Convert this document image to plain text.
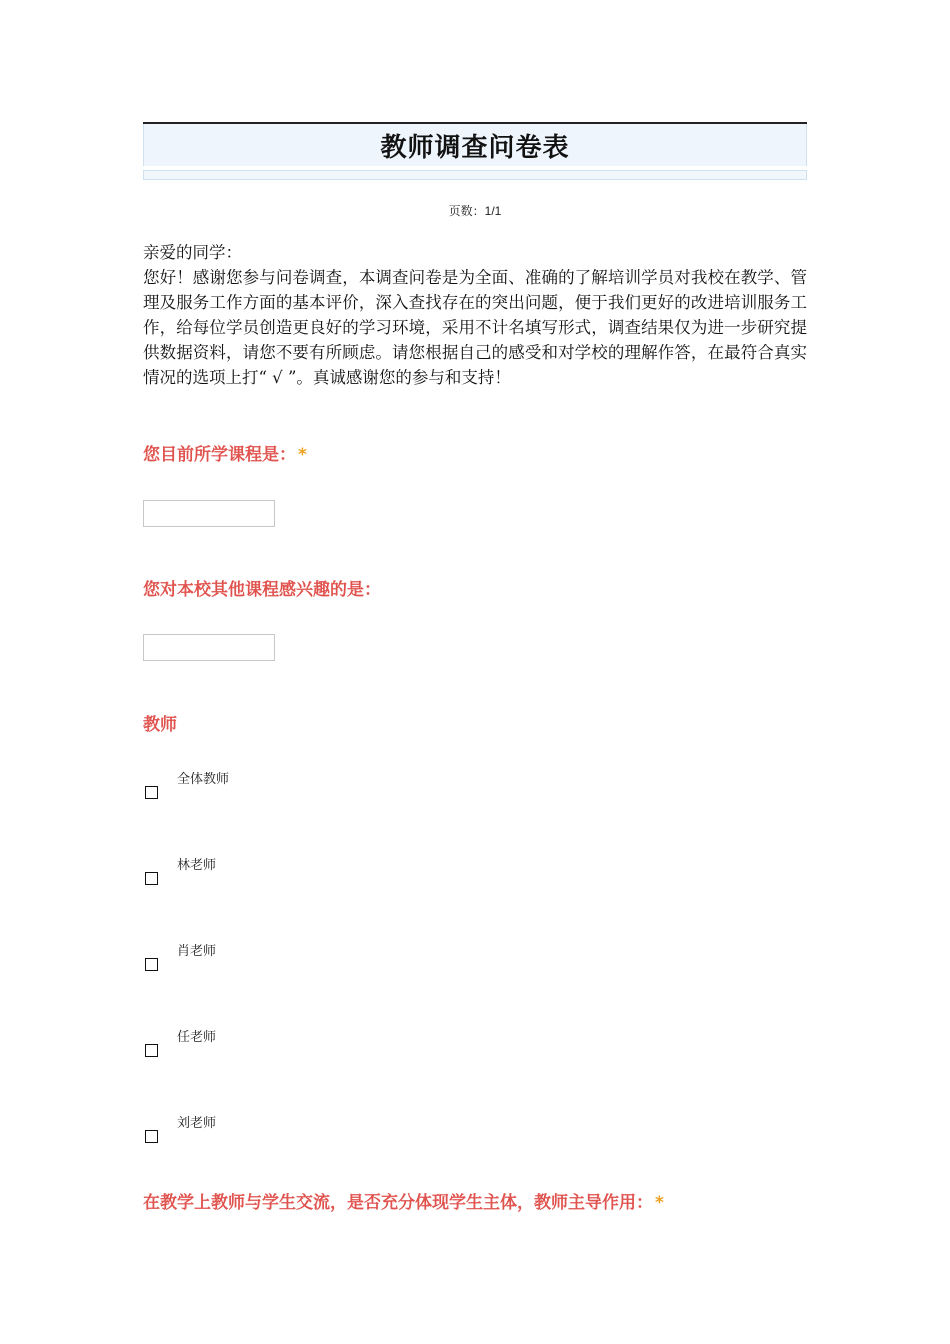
教师调查问卷表
页数：1/1

亲爱的同学：

您好！感谢您参与问卷调查，本调查问卷是为全面、准确的了解培训学员对我校在教学、管理及服务工作方面的基本评价，深入查找存在的突出问题，便于我们更好的改进培训服务工作，给每位学员创造更良好的学习环境，采用不计名填写形式，调查结果仅为进一步研究提供数据资料，请您不要有所顾虑。请您根据自己的感受和对学校的理解作答，在最符合真实情况的选项上打“ √ ”。真诚感谢您的参与和支持！

您目前所学课程是： *
您对本校其他课程感兴趣的是：
教师
全体教师
林老师
肖老师
任老师
刘老师
在教学上教师与学生交流，是否充分体现学生主体，教师主导作用： *
